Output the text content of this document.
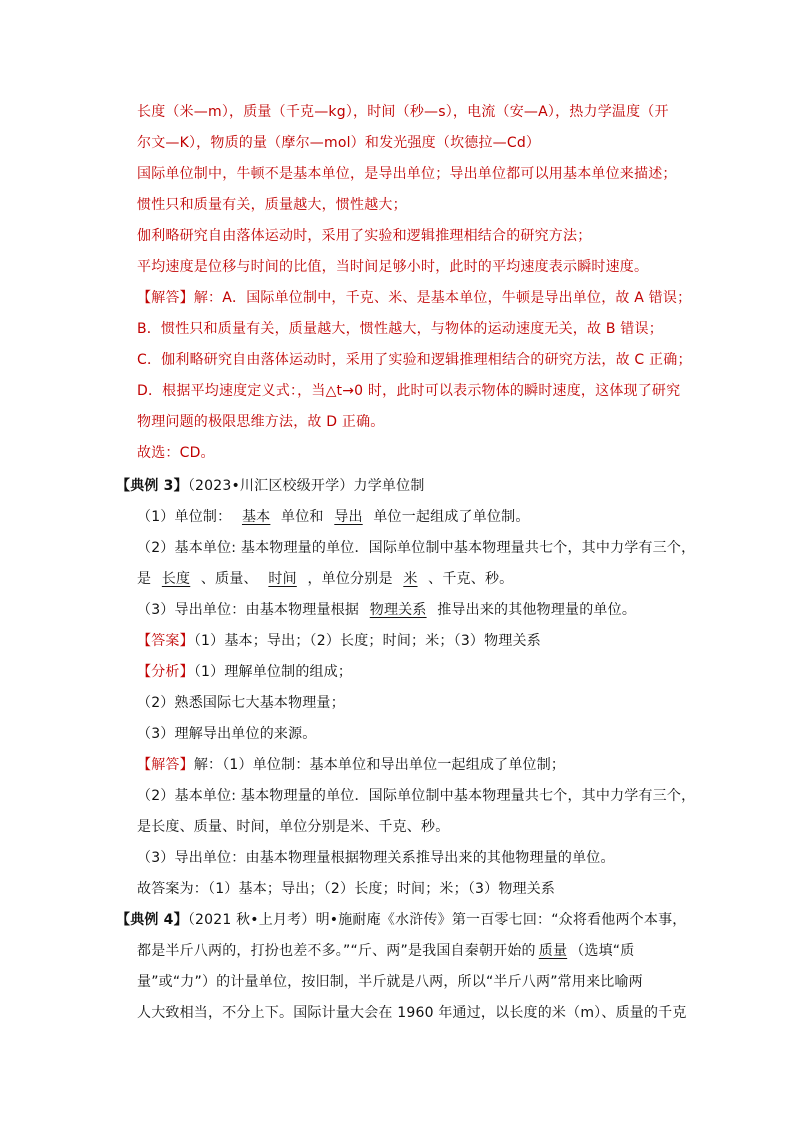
长度（米—m），质量（千克—kg），时间（秒—s），电流（安—A），热力学温度（开
尔文—K），物质的量（摩尔—mol）和发光强度（坎德拉—Cd）
国际单位制中，牛顿不是基本单位，是导出单位；导出单位都可以用基本单位来描述；
惯性只和质量有关，质量越大，惯性越大；
伽利略研究自由落体运动时，采用了实验和逻辑推理相结合的研究方法；
平均速度是位移与时间的比值，当时间足够小时，此时的平均速度表示瞬时速度。
【解答】解：A．国际单位制中，千克、米、是基本单位，牛顿是导出单位，故 A 错误；
B．惯性只和质量有关，质量越大，惯性越大，与物体的运动速度无关，故 B 错误；
C．伽利略研究自由落体运动时，采用了实验和逻辑推理相结合的研究方法，故 C 正确；
D．根据平均速度定义式：，当△t→0 时，此时可以表示物体的瞬时速度，这体现了研究
物理问题的极限思维方法，故 D 正确。
故选：CD。
【典例 3】（2023•川汇区校级开学）力学单位制
（1）单位制： 基本 单位和 导出 单位一起组成了单位制。
（2）基本单位: 基本物理量的单位．国际单位制中基本物理量共七个，其中力学有三个，
是 长度 、质量、 时间 ，单位分别是 米 、千克、秒。
（3）导出单位：由基本物理量根据 物理关系 推导出来的其他物理量的单位。
【答案】（1）基本；导出；（2）长度；时间；米；（3）物理关系
【分析】（1）理解单位制的组成；
（2）熟悉国际七大基本物理量；
（3）理解导出单位的来源。
【解答】解：（1）单位制：基本单位和导出单位一起组成了单位制；
（2）基本单位: 基本物理量的单位．国际单位制中基本物理量共七个，其中力学有三个，
是长度、质量、时间，单位分别是米、千克、秒。
（3）导出单位：由基本物理量根据物理关系推导出来的其他物理量的单位。
故答案为：（1）基本；导出；（2）长度；时间；米；（3）物理关系
【典例 4】（2021 秋•上月考）明•施耐庵《水浒传》第一百零七回：“众将看他两个本事，
都是半斤八两的，打扮也差不多。”“斤、两”是我国自秦朝开始的 质量 （选填“质
量”或“力”）的计量单位，按旧制，半斤就是八两，所以“半斤八两”常用来比喻两
人大致相当，不分上下。国际计量大会在 1960 年通过，以长度的米（m）、质量的千克
